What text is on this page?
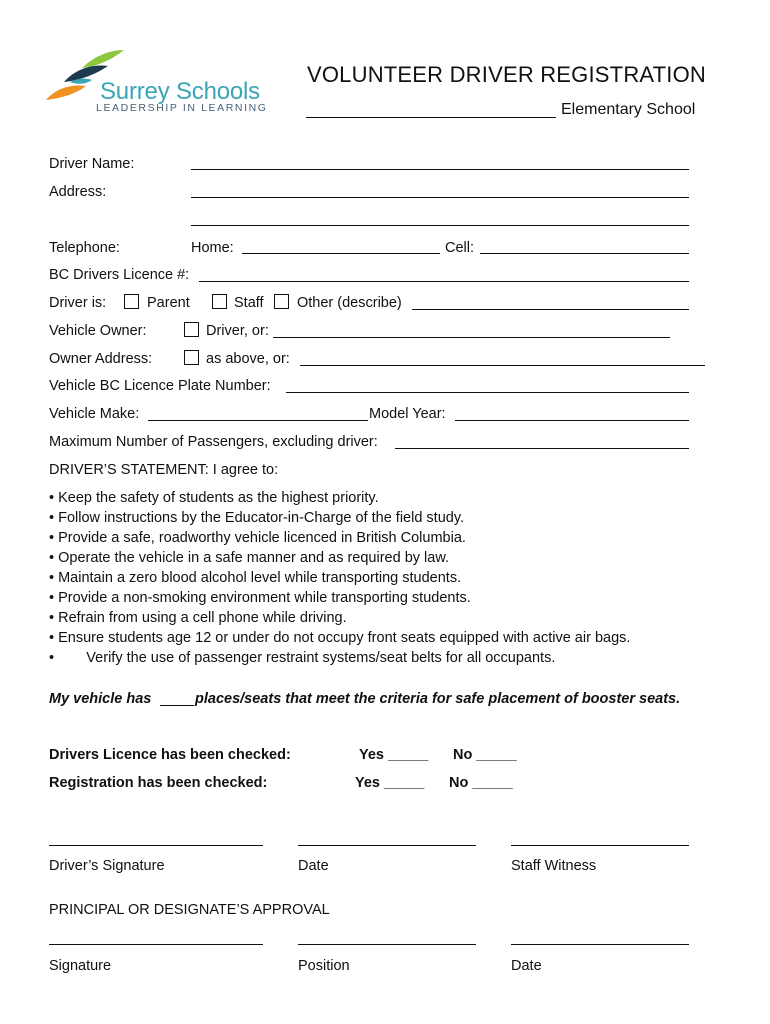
Surrey Schools
LEADERSHIP IN LEARNING
VOLUNTEER DRIVER REGISTRATION
Elementary School
Driver Name:
Address:
Telephone:	Home:	Cell:
BC Drivers Licence #:
Driver is:	Parent	Staff Other (describe)
Vehicle Owner:	Driver, or:
Owner Address:	as above, or:
Vehicle BC Licence Plate Number:
Vehicle Make:	Model Year:
Maximum Number of Passengers, excluding driver:
DRIVER’S STATEMENT: I agree to:
• Keep the safety of students as the highest priority.
• Follow instructions by the Educator-in-Charge of the field study.
• Provide a safe, roadworthy vehicle licenced in British Columbia.
• Operate the vehicle in a safe manner and as required by law.
• Maintain a zero blood alcohol level while transporting students.
• Provide a non-smoking environment while transporting students.
• Refrain from using a cell phone while driving.
• Ensure students age 12 or under do not occupy front seats equipped with active air bags.
•        Verify the use of passenger restraint systems/seat belts for all occupants.
My vehicle has	places/seats that meet the criteria for safe placement of booster seats.
Drivers Licence has been checked:	Yes _____ No _____
Registration has been checked:	Yes _____ No _____
Driver’s Signature	Date	Staff Witness
PRINCIPAL OR DESIGNATE’S APPROVAL
Signature	Position	Date
